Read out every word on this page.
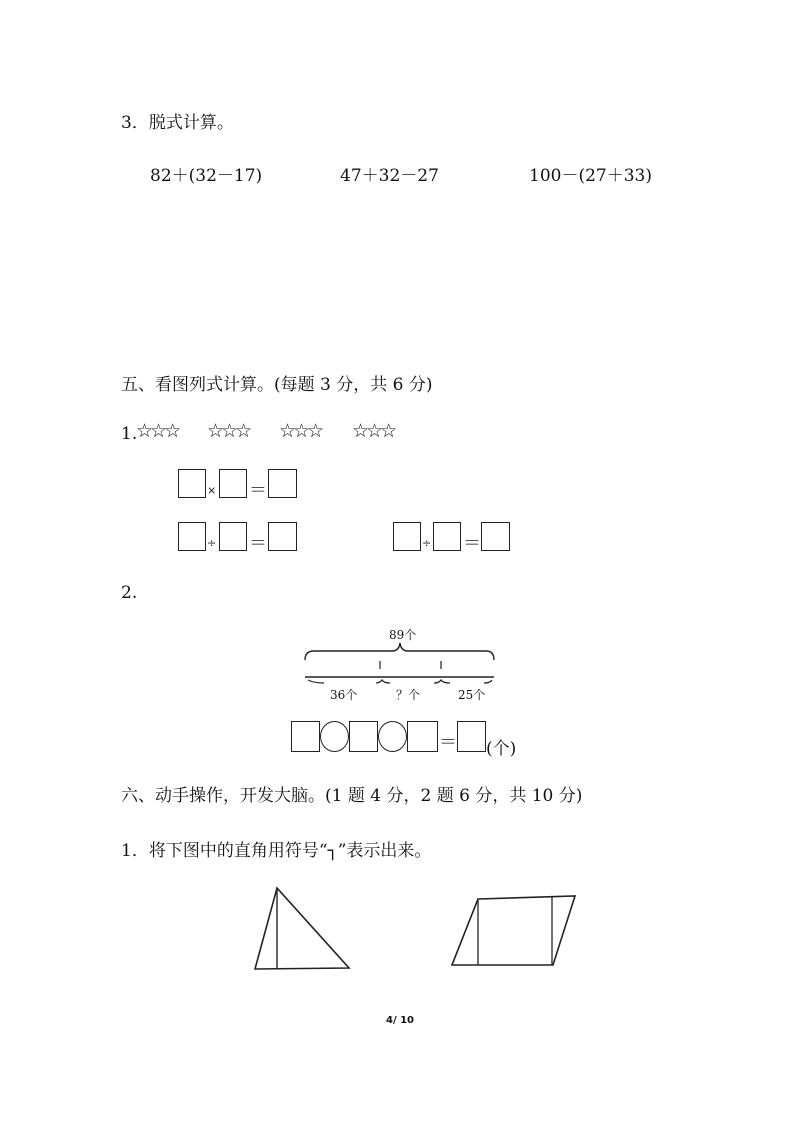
3．脱式计算。
82＋(32－17)	47＋32－27	100－(27＋33)
五、看图列式计算。(每题 3 分，共 6 分)
1.
☆☆☆ ☆☆☆ ☆☆☆ ☆☆☆
× ＝
÷ ＝	÷ ＝
2.
89个
36个	？个	25个
＝ (个)
六、动手操作，开发大脑。(1 题 4 分，2 题 6 分，共 10 分)
1．将下图中的直角用符号“┐”表示出来。
4/ 10
